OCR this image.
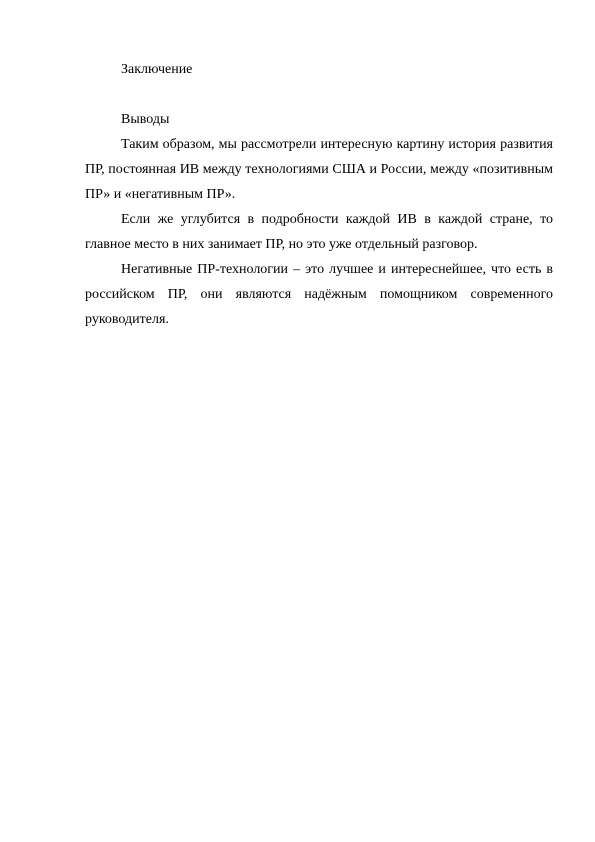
Заключение
Выводы

Таким образом, мы рассмотрели интересную картину история развития ПР, постоянная ИВ между технологиями США и России, между «позитивным ПР» и «негативным ПР».

Если же углубится в подробности каждой ИВ в каждой стране, то главное место в них занимает ПР, но это уже отдельный разговор.

Негативные ПР-технологии – это лучшее и интереснейшее, что есть в российском ПР, они являются надёжным помощником современного руководителя.
